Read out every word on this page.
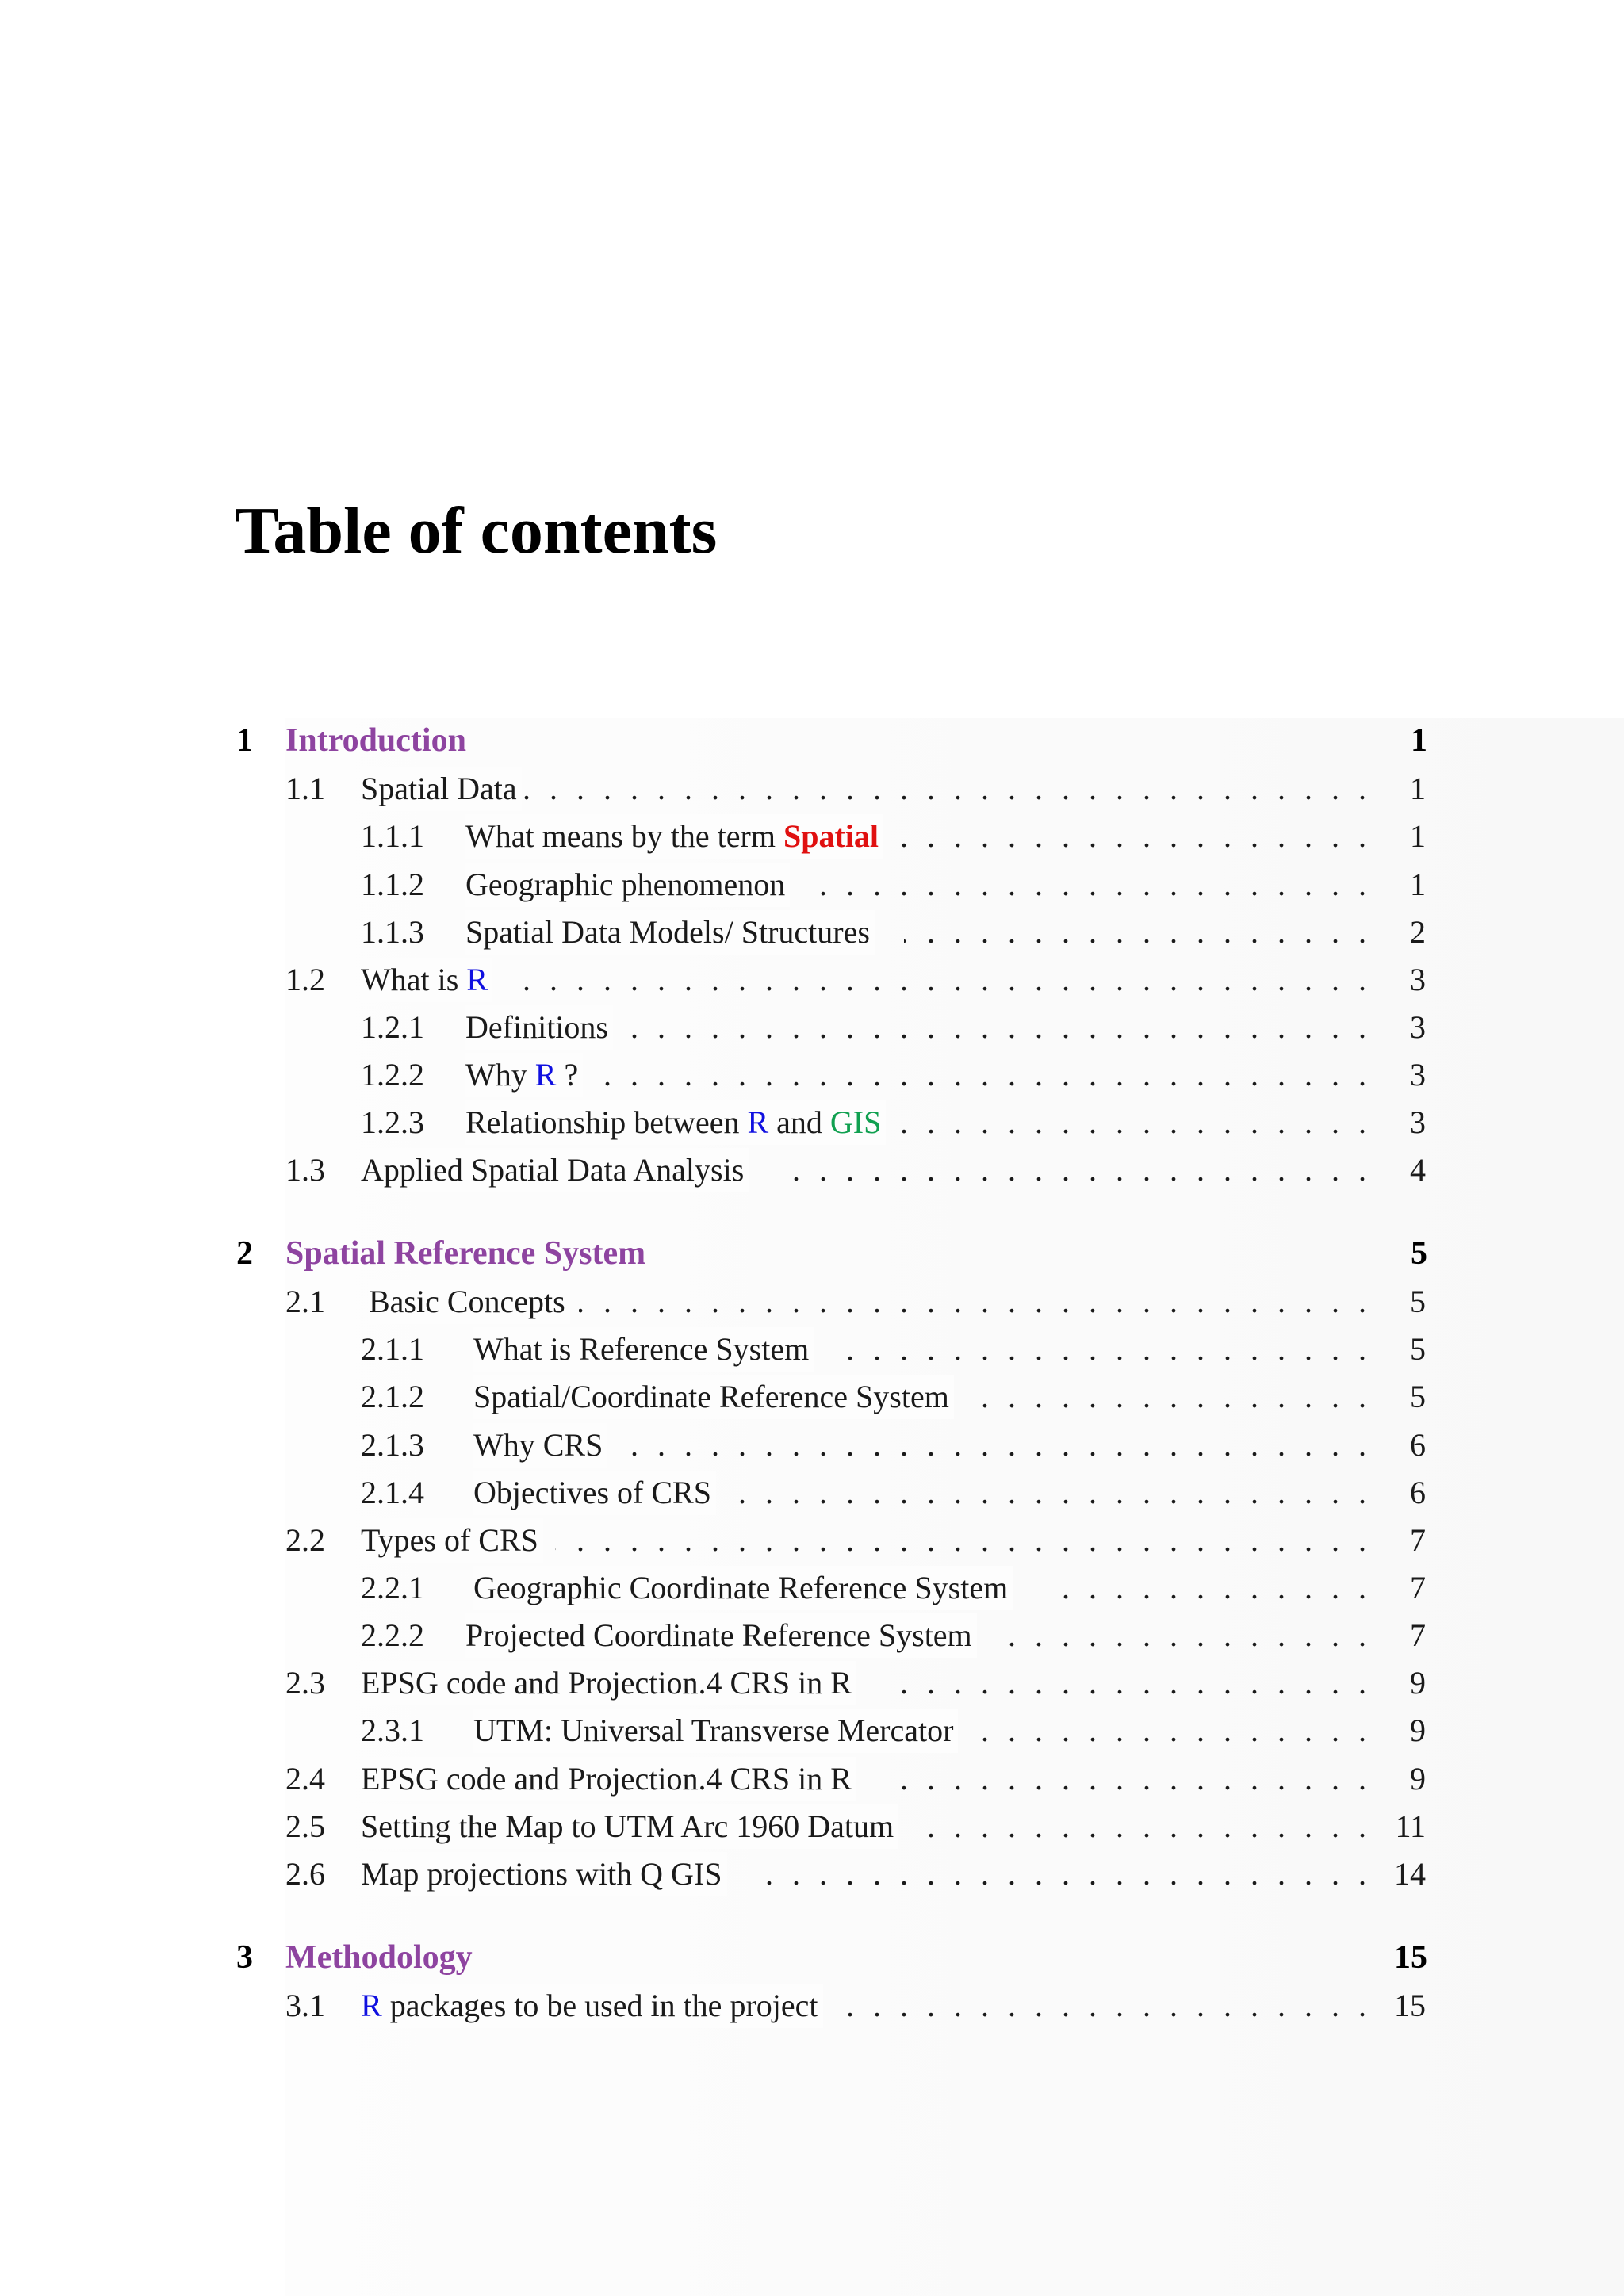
Table of contents
1 Introduction	1
1.1 . . . Spatial Data	1
1.1.1 . . . What means by the term Spatial	1
1.1.2 . . . Geographic phenomenon	1
1.1.3 . . . Spatial Data Models/ Structures	2
1.2 . . . What is R	3
1.2.1 . . . Definitions	3
1.2.2 . . . Why R ?	3
1.2.3 . . . Relationship between R and GIS	3
1.3 . . . Applied Spatial Data Analysis	4
2 Spatial Reference System	5
2.1 . . . Basic Concepts	5
2.1.1 . . . What is Reference System	5
2.1.2 . . . Spatial/Coordinate Reference System	5
2.1.3 . . . Why CRS	6
2.1.4 . . . Objectives of CRS	6
2.2 . . . Types of CRS	7
2.2.1 . . . Geographic Coordinate Reference System	7
2.2.2 . . . Projected Coordinate Reference System	7
2.3 . . . EPSG code and Projection.4 CRS in R	9
2.3.1 . . . UTM: Universal Transverse Mercator	9
2.4 . . . EPSG code and Projection.4 CRS in R	9
2.5 . . . Setting the Map to UTM Arc 1960 Datum	11
2.6 . . . Map projections with Q GIS	14
3 Methodology	15
3.1 . . . R packages to be used in the project	15
